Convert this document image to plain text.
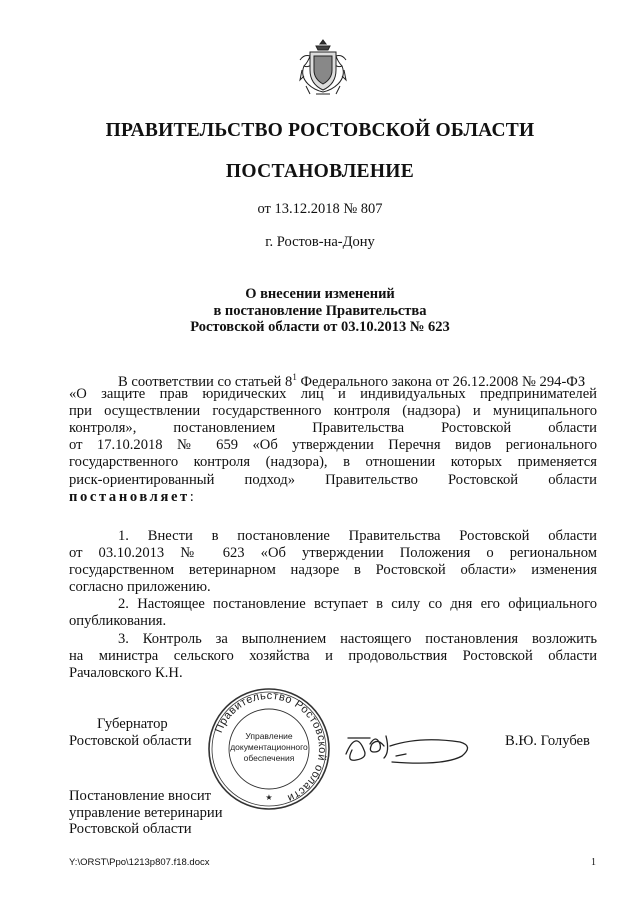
ПРАВИТЕЛЬСТВО РОСТОВСКОЙ ОБЛАСТИ
ПОСТАНОВЛЕНИЕ
от 13.12.2018 № 807
г. Ростов-на-Дону
О внесении изменений
в постановление Правительства
Ростовской области от 03.10.2013 № 623
В соответствии со статьей $8^1$ Федерального закона от 26.12.2008 № 294-ФЗ
«О защите прав юридических лиц и индивидуальных предпринимателей
при осуществлении государственного контроля (надзора) и муниципального
контроля», постановлением Правительства Ростовской области
от 17.10.2018 № 659 «Об утверждении Перечня видов регионального
государственного контроля (надзора), в отношении которых применяется
риск-ориентированный подход» Правительство Ростовской области
постановляет:
1. Внести в постановление Правительства Ростовской области
от 03.10.2013 № 623 «Об утверждении Положения о региональном
государственном ветеринарном надзоре в Ростовской области» изменения
согласно приложению.
2. Настоящее постановление вступает в силу со дня его официального
опубликования.
3. Контроль за выполнением настоящего постановления возложить
на министра сельского хозяйства и продовольствия Ростовской области
Рачаловского К.Н.
Губернатор
Ростовской области
Правительство Ростовской области
Управление
документационного
обеспечения
★
В.Ю. Голубев
Постановление вносит
управление ветеринарии
Ростовской области
Y:\ORST\Ppo\1213p807.f18.docx	1
